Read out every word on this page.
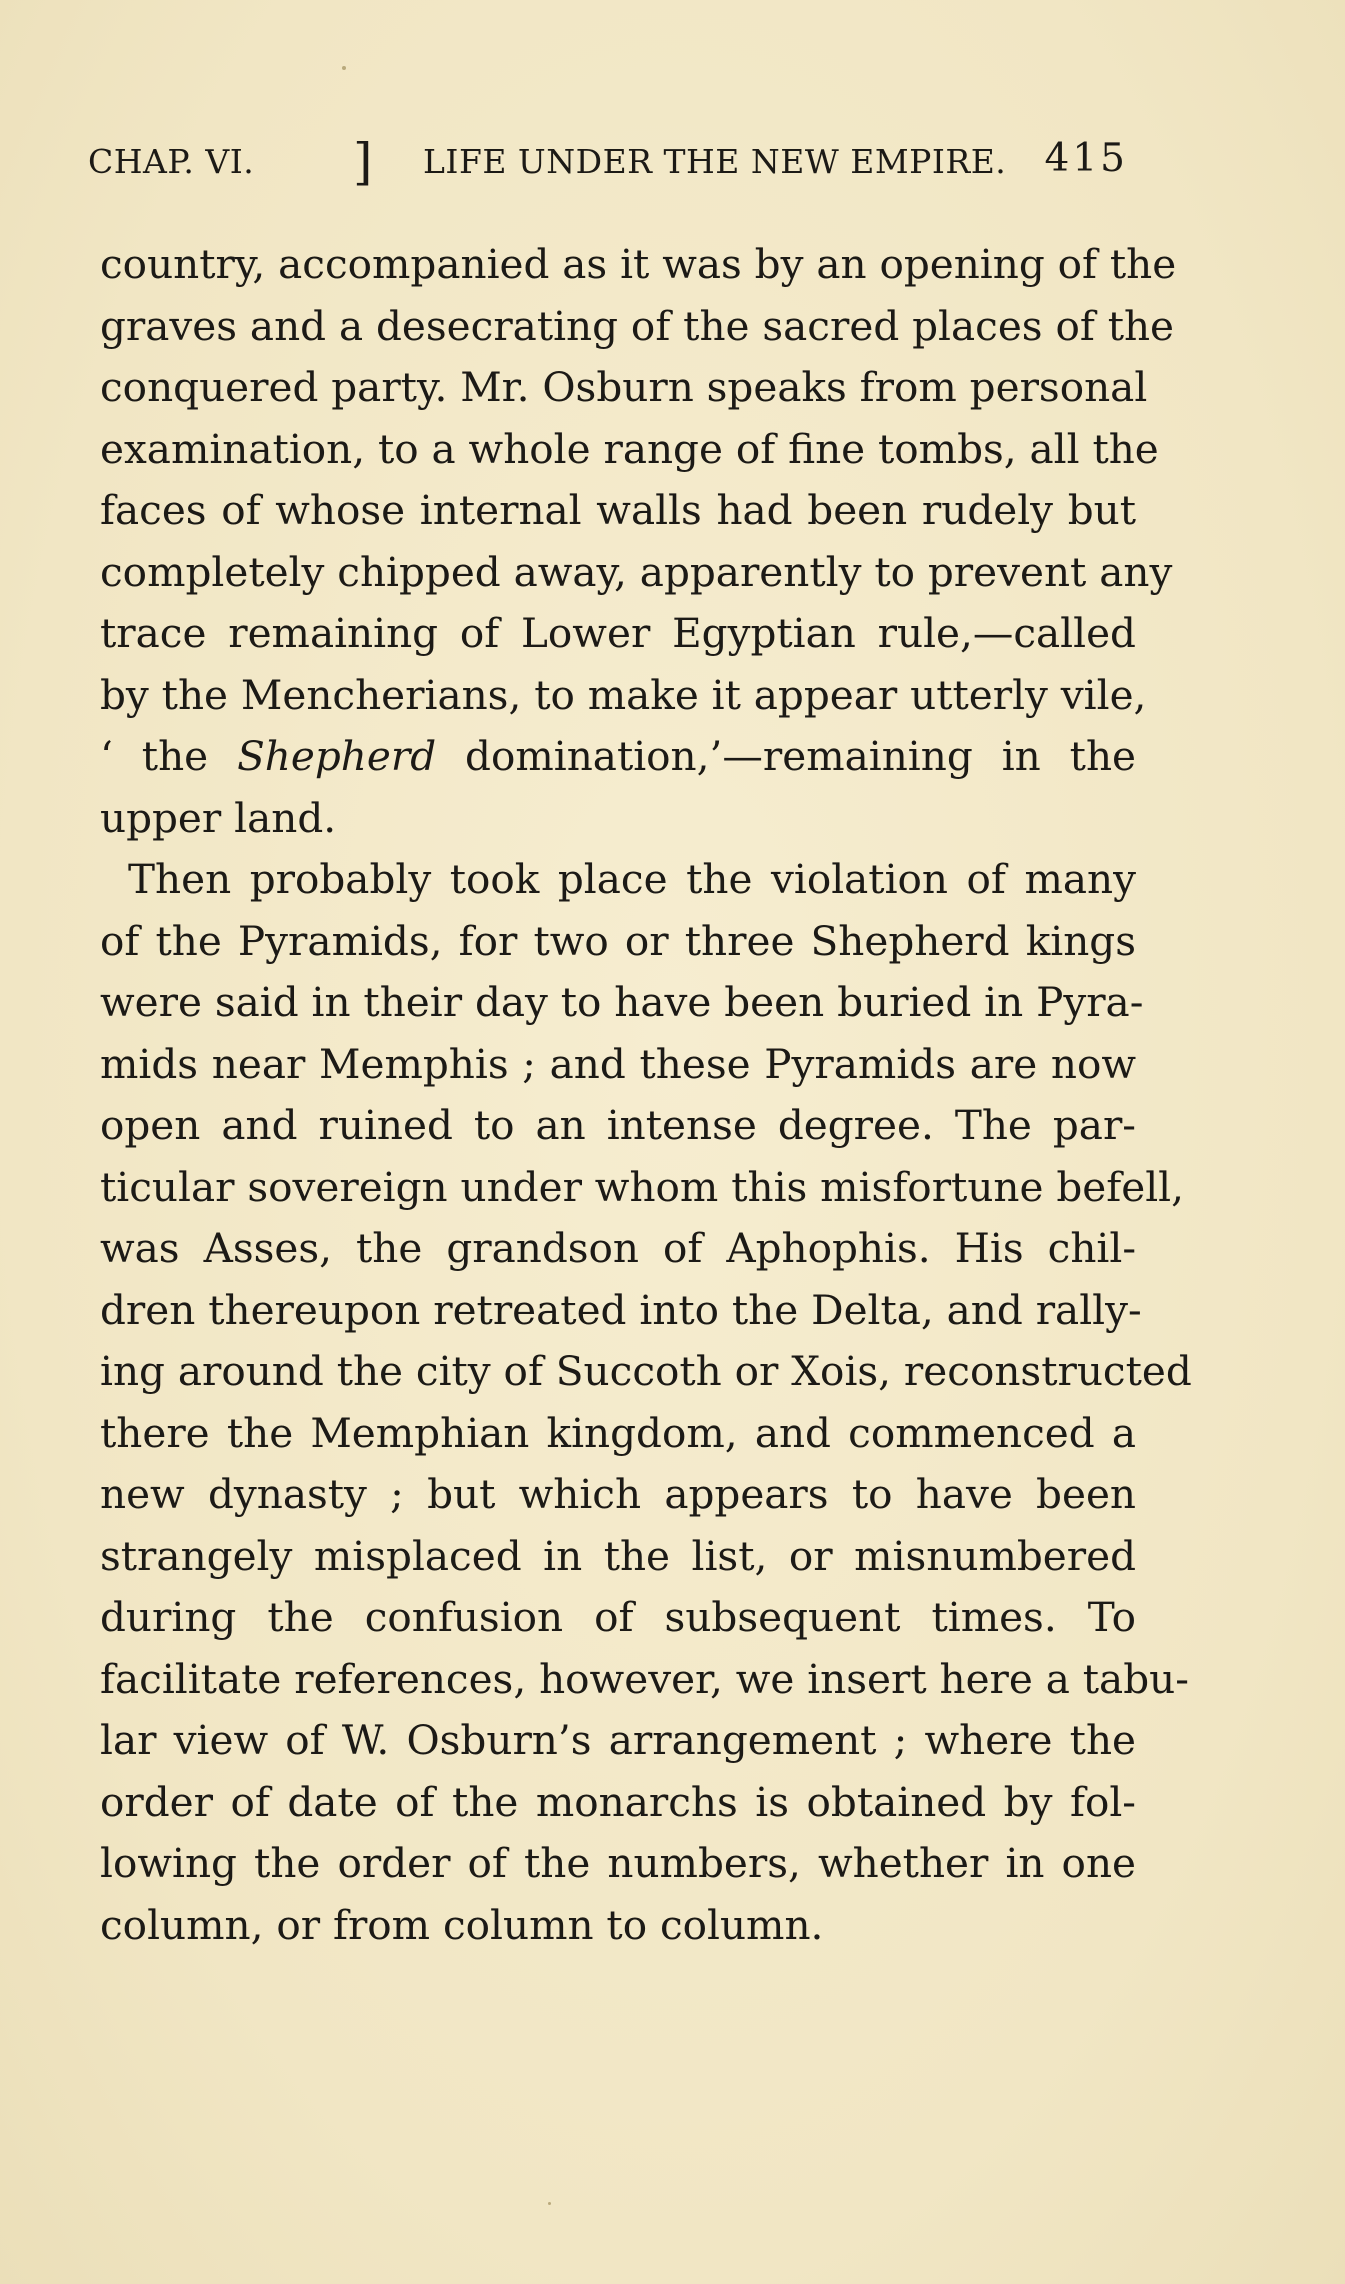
CHAP. VI. ] LIFE UNDER THE NEW EMPIRE. 415
country, accompanied as it was by an opening of the
graves and a desecrating of the sacred places of the
conquered party. Mr. Osburn speaks from personal
examination, to a whole range of fine tombs, all the
faces of whose internal walls had been rudely but
completely chipped away, apparently to prevent any
trace remaining of Lower Egyptian rule,—called
by the Mencherians, to make it appear utterly vile,
‘ the Shepherd domination,’—remaining in the
upper land.
Then probably took place the violation of many
of the Pyramids, for two or three Shepherd kings
were said in their day to have been buried in Pyra-
mids near Memphis ; and these Pyramids are now
open and ruined to an intense degree. The par-
ticular sovereign under whom this misfortune befell,
was Asses, the grandson of Aphophis. His chil-
dren thereupon retreated into the Delta, and rally-
ing around the city of Succoth or Xois, reconstructed
there the Memphian kingdom, and commenced a
new dynasty ; but which appears to have been
strangely misplaced in the list, or misnumbered
during the confusion of subsequent times. To
facilitate references, however, we insert here a tabu-
lar view of W. Osburn’s arrangement ; where the
order of date of the monarchs is obtained by fol-
lowing the order of the numbers, whether in one
column, or from column to column.
